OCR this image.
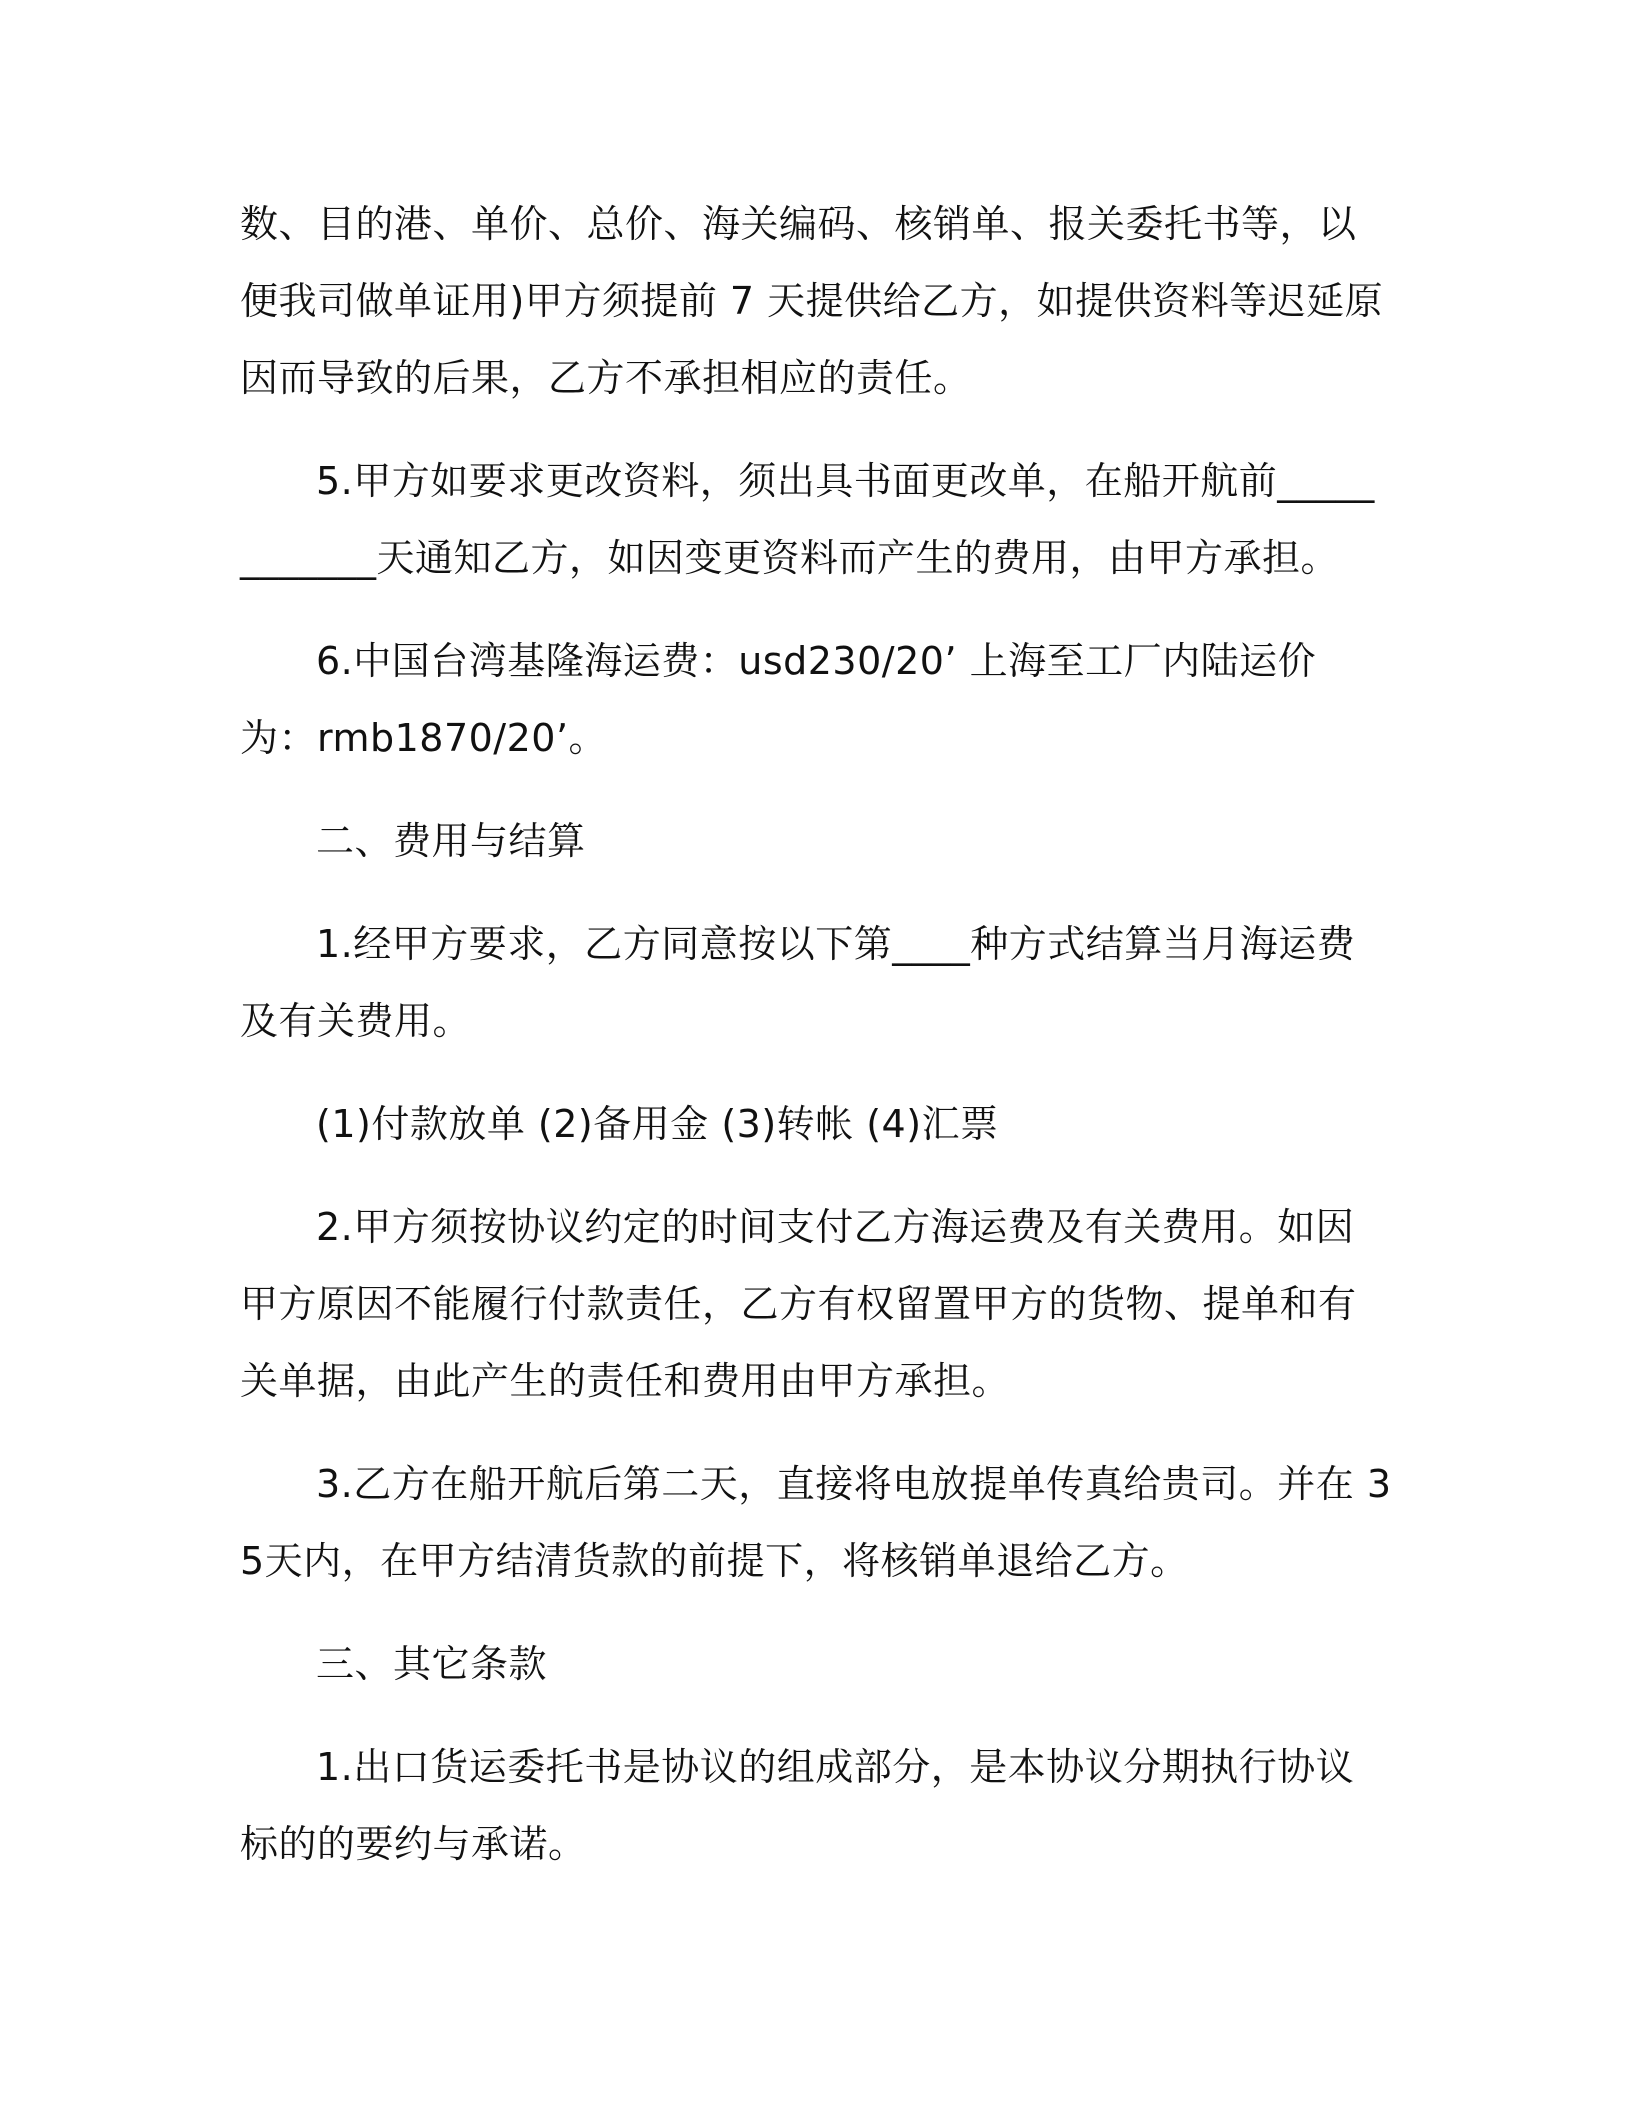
数、目的港、单价、总价、海关编码、核销单、报关委托书等，以便我司做单证用)甲方须提前 7 天提供给乙方，如提供资料等迟延原因而导致的后果，乙方不承担相应的责任。

5.甲方如要求更改资料，须出具书面更改单，在船开航前____________天通知乙方，如因变更资料而产生的费用，由甲方承担。

6.中国台湾基隆海运费：usd230/20’ 上海至工厂内陆运价为：rmb1870/20’。

二、费用与结算

1.经甲方要求，乙方同意按以下第____种方式结算当月海运费及有关费用。

(1)付款放单 (2)备用金 (3)转帐 (4)汇票

2.甲方须按协议约定的时间支付乙方海运费及有关费用。如因甲方原因不能履行付款责任，乙方有权留置甲方的货物、提单和有关单据，由此产生的责任和费用由甲方承担。

3.乙方在船开航后第二天，直接将电放提单传真给贵司。并在 35天内，在甲方结清货款的前提下，将核销单退给乙方。

三、其它条款

1.出口货运委托书是协议的组成部分，是本协议分期执行协议标的的要约与承诺。
